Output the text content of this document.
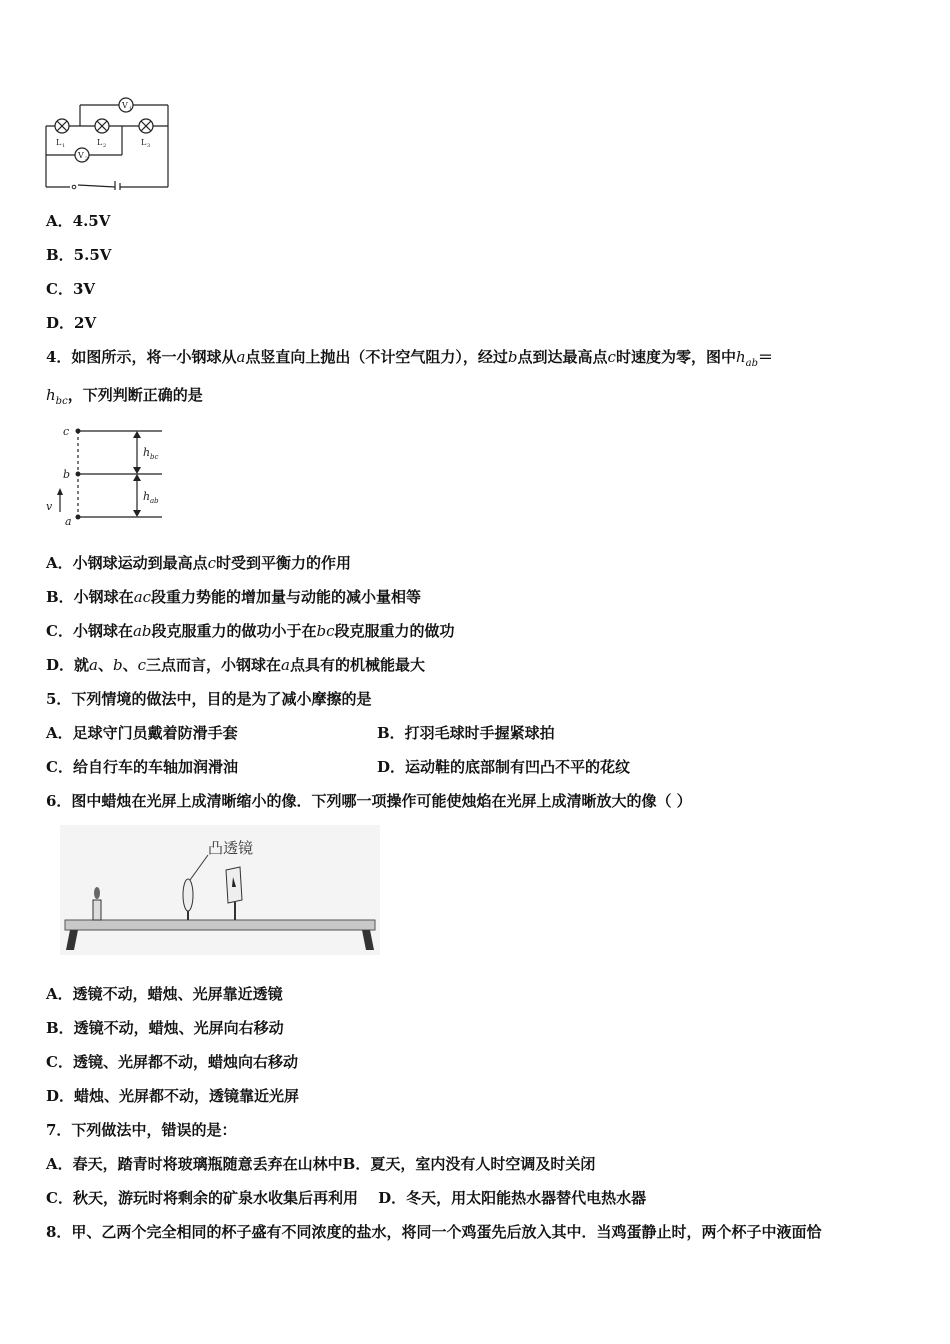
V 1
V 2
L 1	L 2	L 3
A．4.5V
B．5.5V
C．3V
D．2V
4．如图所示，将一小钢球从a点竖直向上抛出（不计空气阻力），经过b点到达最高点c时速度为零，图中$h_{ab}=$
$h_{bc}$，下列判断正确的是
c
b
a
v
h bc
h ab
A．小钢球运动到最高点c时受到平衡力的作用
B．小钢球在ac段重力势能的增加量与动能的减小量相等
C．小钢球在ab段克服重力的做功小于在bc段克服重力的做功
D．就a、b、c三点而言，小钢球在a点具有的机械能最大
5．下列情境的做法中，目的是为了减小摩擦的是
A．足球守门员戴着防滑手套	B．打羽毛球时手握紧球拍
C．给自行车的车轴加润滑油	D．运动鞋的底部制有凹凸不平的花纹
6．图中蜡烛在光屏上成清晰缩小的像．下列哪一项操作可能使烛焰在光屏上成清晰放大的像（ ）
凸透镜
A．透镜不动，蜡烛、光屏靠近透镜
B．透镜不动，蜡烛、光屏向右移动
C．透镜、光屏都不动，蜡烛向右移动
D．蜡烛、光屏都不动，透镜靠近光屏
7．下列做法中，错误的是：
A．春天，踏青时将玻璃瓶随意丢弃在山林中B．夏天，室内没有人时空调及时关闭
C．秋天，游玩时将剩余的矿泉水收集后再利用　 D．冬天，用太阳能热水器替代电热水器
8．甲、乙两个完全相同的杯子盛有不同浓度的盐水，将同一个鸡蛋先后放入其中．当鸡蛋静止时，两个杯子中液面恰
